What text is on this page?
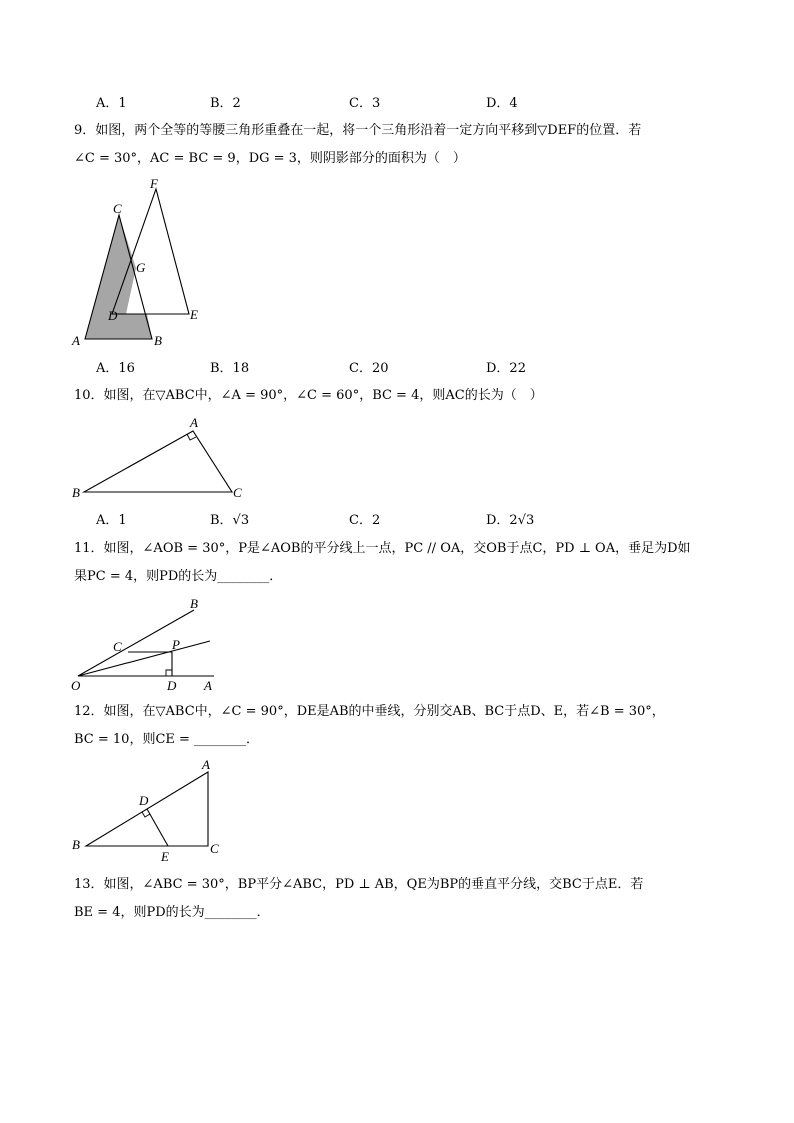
A．1	B．2	C．3	D．4
9．如图，两个全等的等腰三角形重叠在一起，将一个三角形沿着一定方向平移到▽DEF的位置．若
∠C = 30°，AC = BC = 9，DG = 3，则阴影部分的面积为（　）
C
F
G
D	E
A	B
A．16	B．18	C．20	D．22
10．如图，在▽ABC中，∠A = 90°，∠C = 60°，BC = 4，则AC的长为（　）
A
B	C
A．1	B．√3	C．2	D．2√3
11．如图，∠AOB = 30°，P是∠AOB的平分线上一点，PC // OA，交OB于点C，PD ⊥ OA，垂足为D如
果PC = 4，则PD的长为________．
B
C	P
O	D A
12．如图，在▽ABC中，∠C = 90°，DE是AB的中垂线，分别交AB、BC于点D、E，若∠B = 30°，
BC = 10，则CE = ________．
A
D
B
E
C
13．如图，∠ABC = 30°，BP平分∠ABC，PD ⊥ AB，QE为BP的垂直平分线，交BC于点E．若
BE = 4，则PD的长为________．
